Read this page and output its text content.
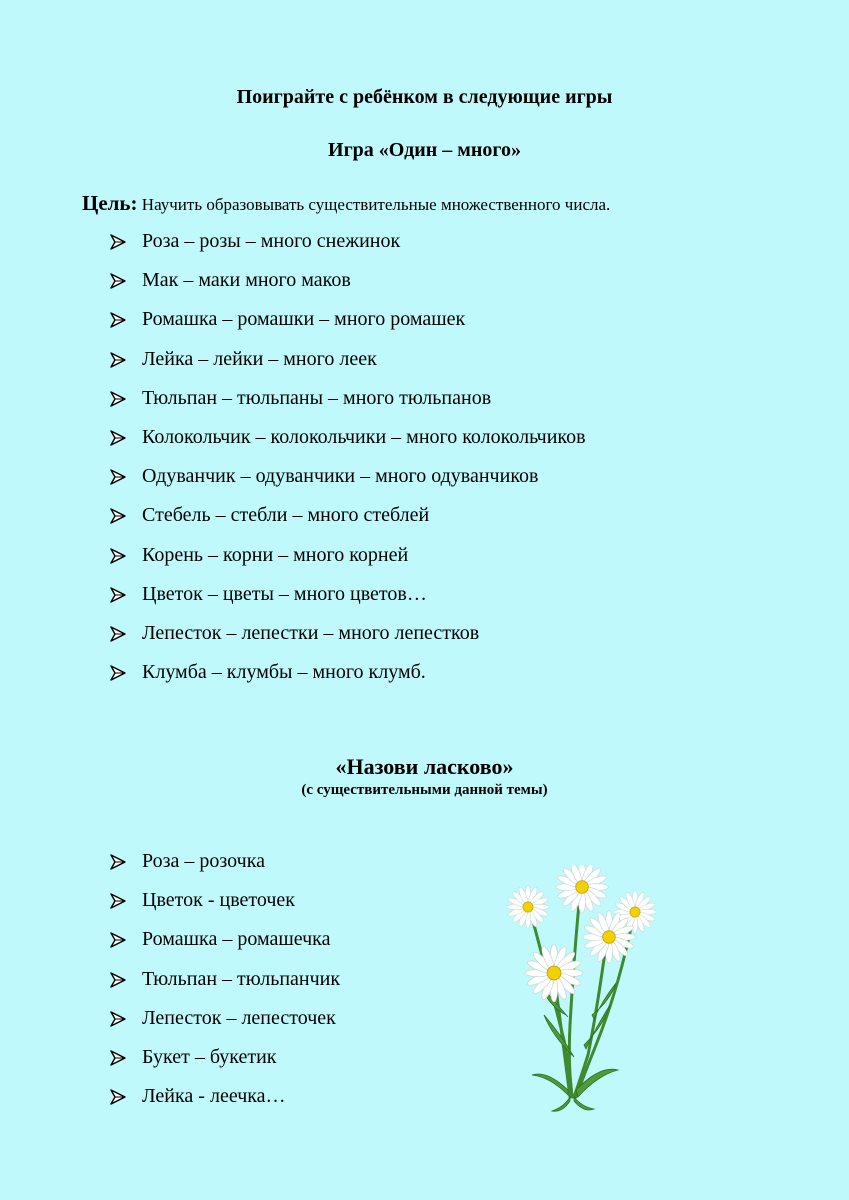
Поиграйте с ребёнком в следующие игры
Игра «Один – много»
Цель: Научить образовывать существительные множественного числа.
Роза – розы – много снежинок
Мак – маки много маков
Ромашка – ромашки – много ромашек
Лейка – лейки – много леек
Тюльпан – тюльпаны – много тюльпанов
Колокольчик – колокольчики – много колокольчиков
Одуванчик – одуванчики – много одуванчиков
Стебель – стебли – много стеблей
Корень – корни – много корней
Цветок – цветы – много цветов…
Лепесток – лепестки – много лепестков
Клумба – клумбы – много клумб.
«Назови ласково»
(с существительными данной темы)
Роза – розочка
Цветок - цветочек
Ромашка – ромашечка
Тюльпан – тюльпанчик
Лепесток – лепесточек
Букет – букетик
Лейка - леечка…
